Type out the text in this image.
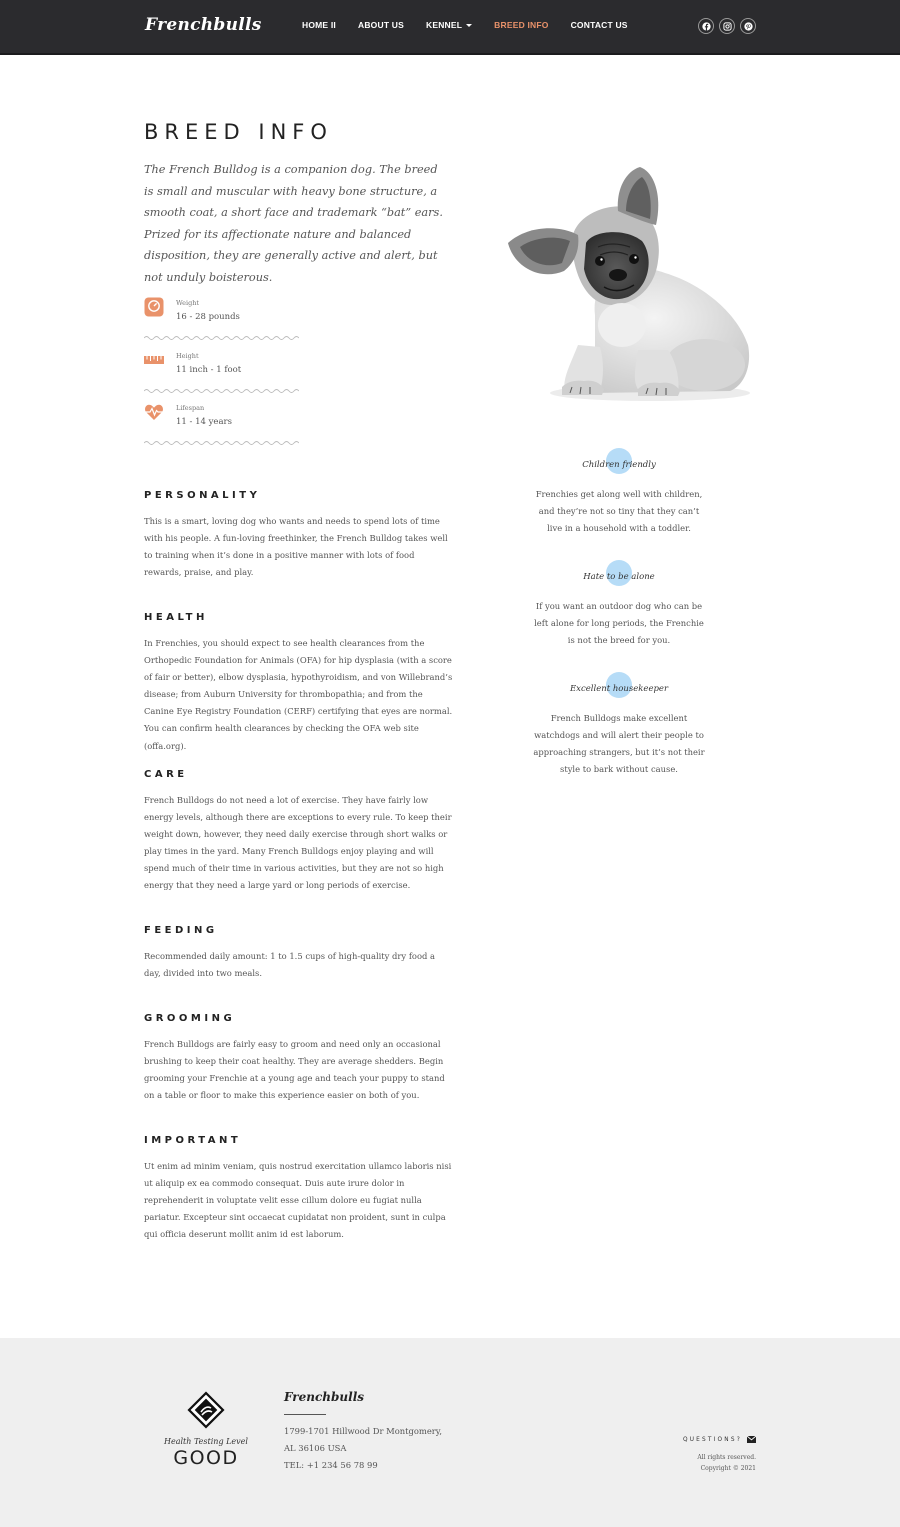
Frenchbulls	HOME II	ABOUT US	KENNEL	BREED INFO	CONTACT US
BREED INFO

The French Bulldog is a companion dog. The breed is small and muscular with heavy bone structure, a smooth coat, a short face and trademark “bat” ears. Prized for its affectionate nature and balanced disposition, they are generally active and alert, but not unduly boisterous.

Weight
16 - 28 pounds
Height
11 inch - 1 foot
Lifespan
11 - 14 years
PERSONALITY

This is a smart, loving dog who wants and needs to spend lots of time with his people. A fun-loving freethinker, the French Bulldog takes well to training when it’s done in a positive manner with lots of food rewards, praise, and play.

HEALTH

In Frenchies, you should expect to see health clearances from the Orthopedic Foundation for Animals (OFA) for hip dysplasia (with a score of fair or better), elbow dysplasia, hypothyroidism, and von Willebrand’s disease; from Auburn University for thrombopathia; and from the Canine Eye Registry Foundation (CERF) certifying that eyes are normal. You can confirm health clearances by checking the OFA web site (offa.org).

CARE

French Bulldogs do not need a lot of exercise. They have fairly low energy levels, although there are exceptions to every rule. To keep their weight down, however, they need daily exercise through short walks or play times in the yard. Many French Bulldogs enjoy playing and will spend much of their time in various activities, but they are not so high energy that they need a large yard or long periods of exercise.

FEEDING

Recommended daily amount: 1 to 1.5 cups of high-quality dry food a day, divided into two meals.

GROOMING

French Bulldogs are fairly easy to groom and need only an occasional brushing to keep their coat healthy. They are average shedders. Begin grooming your Frenchie at a young age and teach your puppy to stand on a table or floor to make this experience easier on both of you.

IMPORTANT

Ut enim ad minim veniam, quis nostrud exercitation ullamco laboris nisi ut aliquip ex ea commodo consequat. Duis aute irure dolor in reprehenderit in voluptate velit esse cillum dolore eu fugiat nulla pariatur. Excepteur sint occaecat cupidatat non proident, sunt in culpa qui officia deserunt mollit anim id est laborum.

Children friendly

Frenchies get along well with children, and they’re not so tiny that they can’t live in a household with a toddler.

Hate to be alone

If you want an outdoor dog who can be left alone for long periods, the Frenchie is not the breed for you.

Excellent housekeeper

French Bulldogs make excellent watchdogs and will alert their people to approaching strangers, but it’s not their style to bark without cause.

Health Testing Level
GOOD
Frenchbulls
1799-1701 Hillwood Dr Montgomery,
AL 36106 USA
TEL: +1 234 56 78 99
QUESTIONS?
All rights reserved.
Copyright © 2021
